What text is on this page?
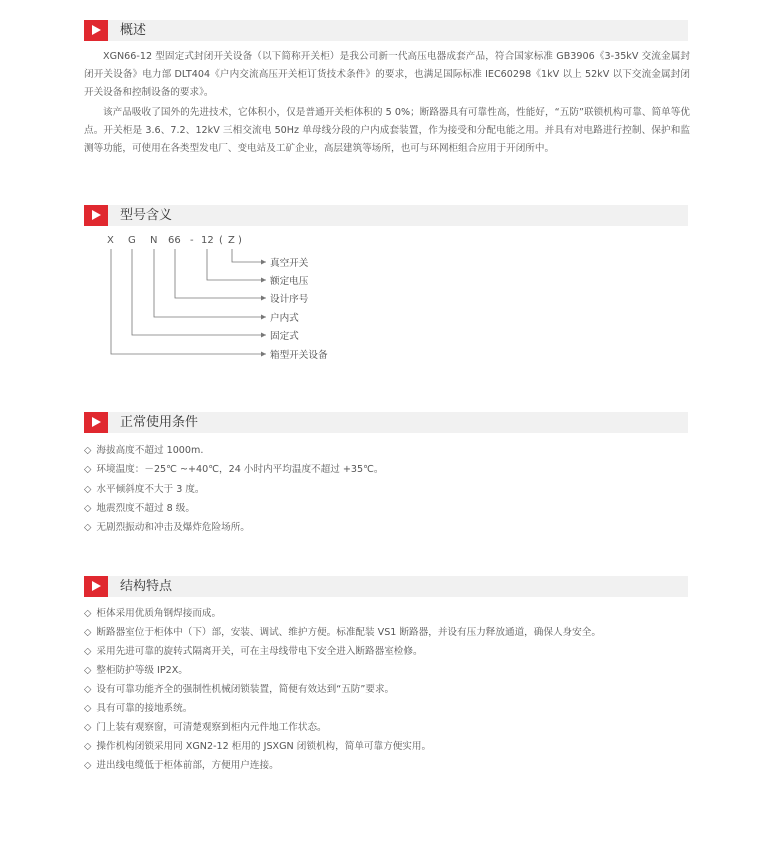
概述
XGN66-12 型固定式封闭开关设备（以下简称开关柜）是我公司新一代高压电器成套产品，符合国家标准 GB3906《3-35kV 交流金属封闭开关设备》电力部 DLT404《户内交流高压开关柜订货技术条件》的要求，也满足国际标准 IEC60298《1kV 以上 52kV 以下交流金属封闭开关设备和控制设备的要求》。
该产品吸收了国外的先进技术，它体积小，仅是普通开关柜体积的 5 0%；断路器具有可靠性高，性能好，“五防”联锁机构可靠、简单等优点。开关柜是 3.6、7.2、12kV 三相交流电 50Hz 单母线分段的户内成套装置，作为接受和分配电能之用。并具有对电路进行控制、保护和监测等功能，可使用在各类型发电厂、变电站及工矿企业，高层建筑等场所，也可与环网柜组合应用于开闭所中。
型号含义
X G N 66 - 12 ( Z )
真空开关
额定电压
设计序号
户内式
固定式
箱型开关设备
正常使用条件
◇ 海拔高度不超过 1000m.
◇ 环境温度：－25℃ ~+40℃，24 小时内平均温度不超过 +35℃。
◇ 水平倾斜度不大于 3 度。
◇ 地震烈度不超过 8 级。
◇ 无剧烈振动和冲击及爆炸危险场所。
结构特点
◇ 柜体采用优质角钢焊接而成。
◇ 断路器室位于柜体中（下）部，安装、调试、维护方便。标准配装 VS1 断路器，并设有压力释放通道，确保人身安全。
◇ 采用先进可靠的旋转式隔离开关，可在主母线带电下安全进入断路器室检修。
◇ 整柜防护等级 IP2X。
◇ 设有可靠功能齐全的强制性机械闭锁装置，简便有效达到“五防”要求。
◇ 具有可靠的接地系统。
◇ 门上装有观察窗，可清楚观察到柜内元件地工作状态。
◇ 操作机构闭锁采用同 XGN2-12 柜用的 JSXGN 闭锁机构，简单可靠方便实用。
◇ 进出线电缆低于柜体前部，方便用户连接。
